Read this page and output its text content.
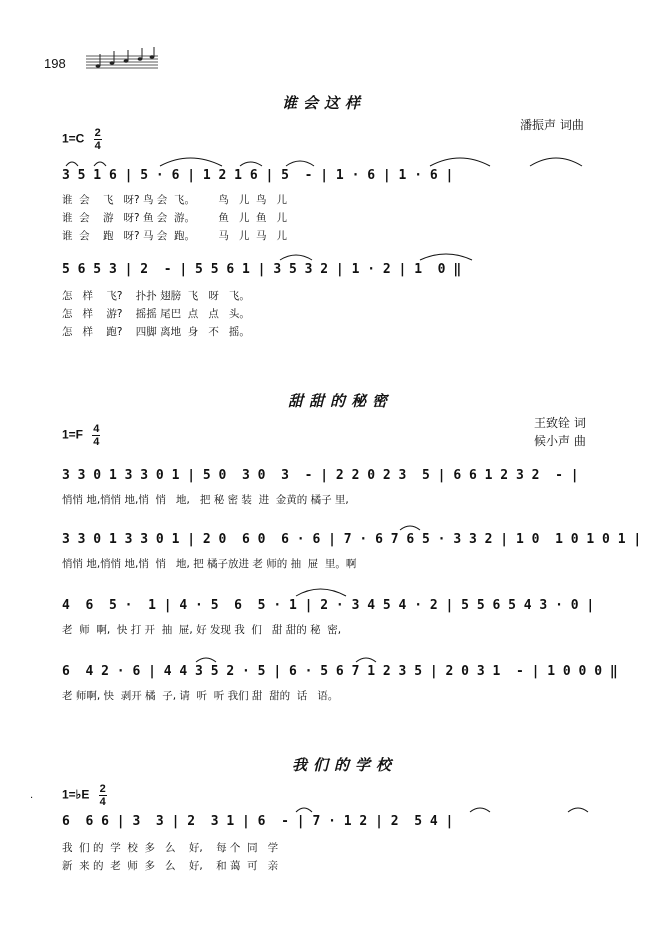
198
谁会这样
潘振声 词曲
$1=C \frac{2}{4}$
3 5 1 6 | 5 · 6 | 1 2 1 6 | 5  - | 1 · 6 | 1 · 6 |
谁  会    飞   呀? 鸟 会  飞。       鸟   儿  鸟   儿
谁  会    游   呀? 鱼 会  游。       鱼   儿  鱼   儿
谁  会    跑   呀? 马 会  跑。       马   儿  马   儿
5 6 5 3 | 2  - | 5 5 6 1 | 3 5 3 2 | 1 · 2 | 1  0 ‖
怎   样    飞?    扑扑 翅膀  飞   呀   飞。
怎   样    游?    摇摇 尾巴  点   点   头。
怎   样    跑?    四脚 离地  身   不   摇。
甜甜的秘密
王致铨 词
候小声 曲
$1=F \frac{4}{4}$
3 3 0 1 3 3 0 1 | 5 0  3 0  3  - | 2 2 0 2 3  5 | 6 6 1 2 3 2  - |
悄悄 地,悄悄 地,悄  悄   地,   把 秘 密 装  进  金黄的 橘子 里,
3 3 0 1 3 3 0 1 | 2 0  6 0  6 · 6 | 7 · 6 7 6 5 · 3 3 2 | 1 0  1 0 1 0 1 |
悄悄 地,悄悄 地,悄  悄   地, 把 橘子放进 老 师的 抽  屉  里。啊
4  6  5 ·  1 | 4 · 5  6  5 · 1 | 2 · 3 4 5 4 · 2 | 5 5 6 5 4 3 · 0 |
老  师  啊,  快 打 开  抽  屉, 好 发现 我  们   甜 甜的 秘  密,
6  4 2 · 6 | 4 4 3 5 2 · 5 | 6 · 5 6 7 1 2 3 5 | 2 0 3 1  - | 1 0 0 0 ‖
老 师啊, 快  剥开 橘  子, 请  听  听 我们 甜  甜的  话   语。
我们的学校
· 1=♭E $\frac{2}{4}$
6  6 6 | 3  3 | 2  3 1 | 6  - | 7 · 1 2 | 2  5 4 |
我  们 的  学  校  多   么    好,    每 个  同   学
新  来 的  老  师  多   么    好,    和 蔼  可   亲
